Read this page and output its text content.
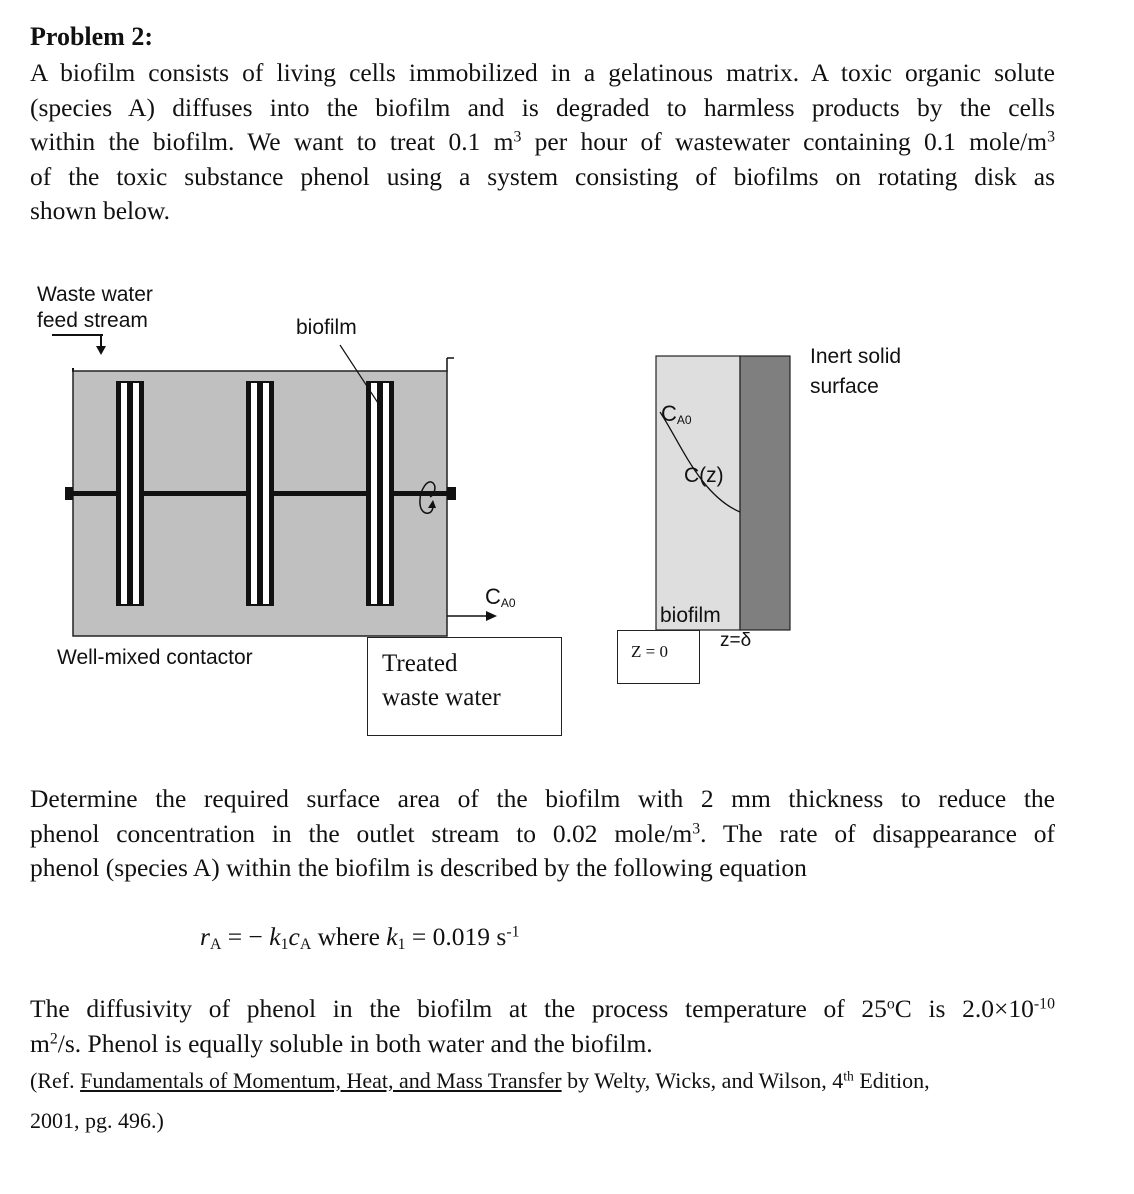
Problem 2:
A biofilm consists of living cells immobilized in a gelatinous matrix. A toxic organic solute
(species A) diffuses into the biofilm and is degraded to harmless products by the cells
within the biofilm. We want to treat 0.1 $m^3$ per hour of wastewater containing 0.1 mole/$m^3$
of the toxic substance phenol using a system consisting of biofilms on rotating disk as
shown below.
Waste water
feed stream	biofilm
$C_{A0}$
Well-mixed contactor	Treated
waste water
Inert solid
surface
$C_{A0}$
C(z)
biofilm
Z = 0
z=δ
Determine the required surface area of the biofilm with 2 mm thickness to reduce the
phenol concentration in the outlet stream to 0.02 mole/$m^3$. The rate of disappearance of
phenol (species A) within the biofilm is described by the following equation
$r_A$ = − $k_1c_A$ where $k_1 = 0.019$ $s^{-1}$
The diffusivity of phenol in the biofilm at the process temperature of 25$^o$C is $2.0\times 10^{-10}$
$m^2/s$. Phenol is equally soluble in both water and the biofilm.
(Ref. Fundamentals of Momentum, Heat, and Mass Transfer by Welty, Wicks, and Wilson, 4th Edition,
2001, pg. 496.)
